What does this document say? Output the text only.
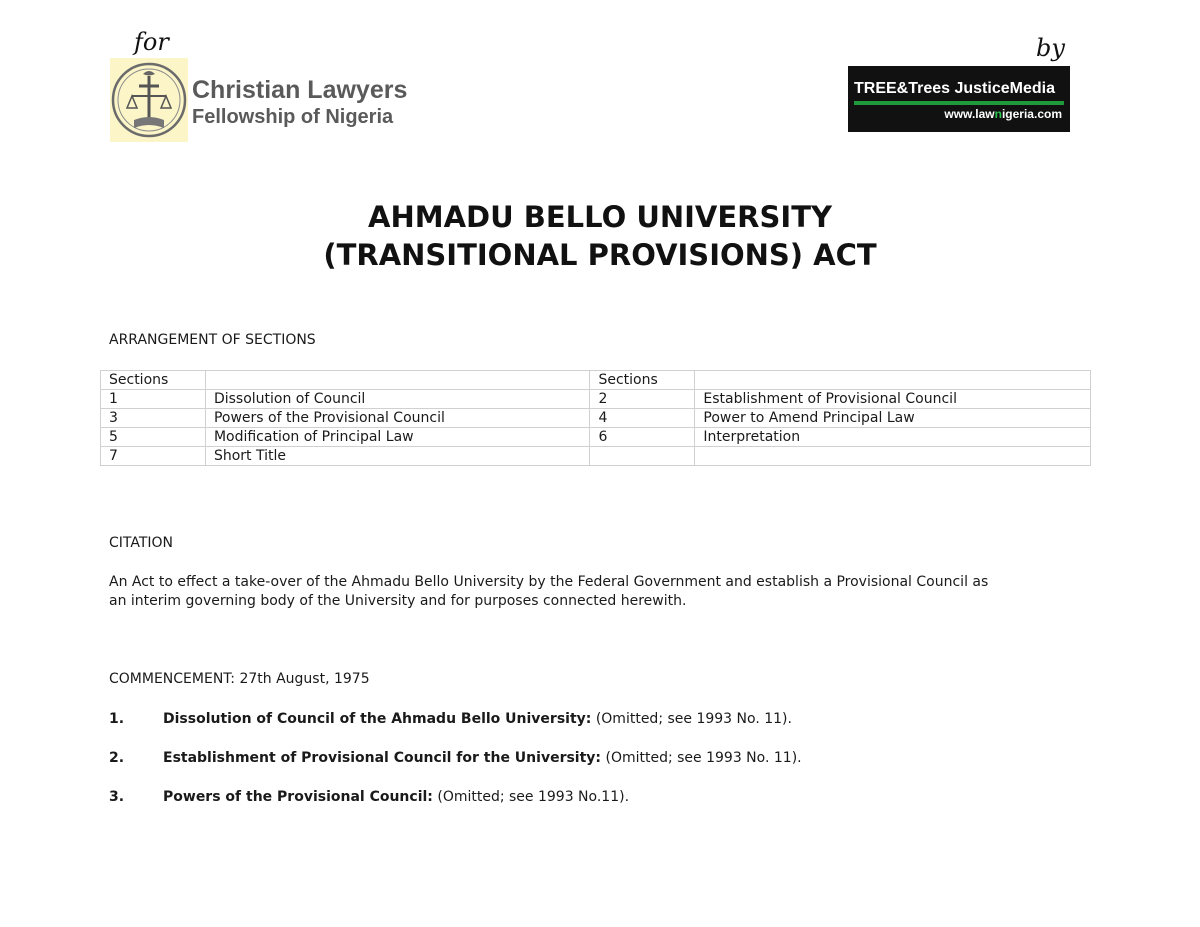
for	by
Christian Lawyers
Fellowship of Nigeria
TREE&Trees JusticeMedia
www.lawnigeria.com
AHMADU BELLO UNIVERSITY
(TRANSITIONAL PROVISIONS) ACT
ARRANGEMENT OF SECTIONS
Sections		Sections	
1	Dissolution of Council	2	Establishment of Provisional Council
3	Powers of the Provisional Council	4	Power to Amend Principal Law
5	Modification of Principal Law	6	Interpretation
7	Short Title		
CITATION
An Act to effect a take-over of the Ahmadu Bello University by the Federal Government and establish a Provisional Council as
an interim governing body of the University and for purposes connected herewith.
COMMENCEMENT: 27th August, 1975
1.	Dissolution of Council of the Ahmadu Bello University: (Omitted; see 1993 No. 11).
2.	Establishment of Provisional Council for the University: (Omitted; see 1993 No. 11).
3.	Powers of the Provisional Council: (Omitted; see 1993 No.11).
